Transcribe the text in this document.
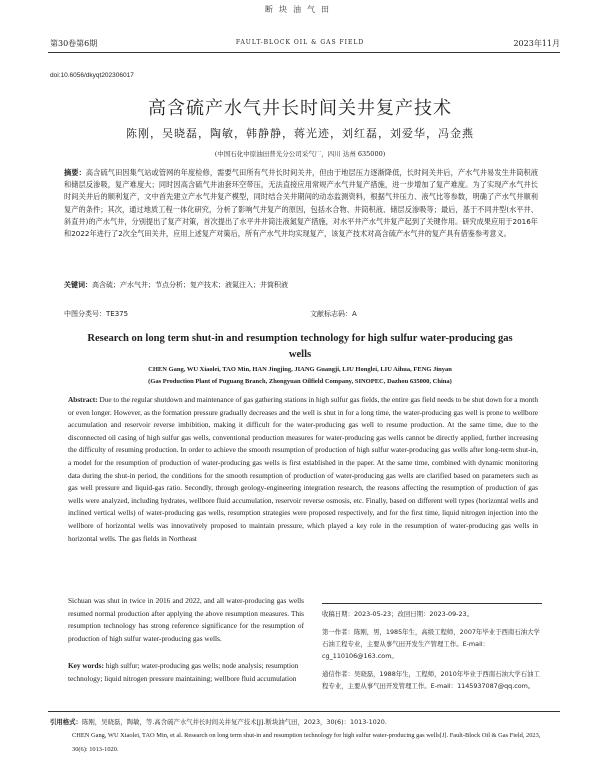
断块油气田
第30卷第6期	FAULT-BLOCK OIL & GAS FIELD	2023年11月
doi:10.6056/dkyqt202306017
高含硫产水气井长时间关井复产技术
陈刚，吴晓磊，陶敏，韩静静，蒋光迹，刘红磊，刘爱华，冯金燕
(中国石化中原油田普光分公司采气厂，四川 达州 635000)
摘要：高含硫气田因集气站或管网的年度检修，需要气田所有气井长时间关井，但由于地层压力逐渐降低，长时间关井后，产水气井易发生井筒积液和储层反渗吸，复产难度大；同时因高含硫气井油套环空带压，无法直接应用常规产水气井复产措施，进一步增加了复产难度。为了实现产水气井长时间关井后的顺利复产，文中首先建立产水气井复产模型，同时结合关井期间的动态监测资料，根据气井压力、液气比等参数，明确了产水气井顺利复产的条件；其次，通过地质工程一体化研究，分析了影响气井复产的原因，包括水合物、井筒积液、储层反渗吸等；最后，基于不同井型(水平井、斜直井)的产水气井，分别提出了复产对策，首次提出了水平井井筒注液氮复产措施，对水平井产水气井复产起到了关键作用。研究成果应用于2016年和2022年进行了2次全气田关井，应用上述复产对策后，所有产水气井均实现复产，该复产技术对高含硫产水气井的复产具有借鉴参考意义。
关键词：高含硫；产水气井；节点分析；复产技术；液氮注入；井筒积液
中图分类号：TE375	文献标志码：A
Research on long term shut-in and resumption technology for high sulfur water-producing gas wells
CHEN Gang, WU Xiaolei, TAO Min, HAN Jingjing, JIANG Guangji, LIU Honglei, LIU Aihua, FENG Jinyan
(Gas Production Plant of Puguang Branch, Zhongyuan Oilfield Company, SINOPEC, Dazhou 635000, China)
Abstract: Due to the regular shutdown and maintenance of gas gathering stations in high sulfur gas fields, the entire gas field needs to be shut down for a month or even longer. However, as the formation pressure gradually decreases and the well is shut in for a long time, the water-producing gas well is prone to wellbore accumulation and reservoir reverse imbibition, making it difficult for the water-producing gas well to resume production. At the same time, due to the disconnected oil casing of high sulfur gas wells, conventional production measures for water-producing gas wells cannot be directly applied, further increasing the difficulty of resuming production. In order to achieve the smooth resumption of production of high sulfur water-producing gas wells after long-term shut-in, a model for the resumption of production of water-producing gas wells is first established in the paper. At the same time, combined with dynamic monitoring data during the shut-in period, the conditions for the smooth resumption of production of water-producing gas wells are clarified based on parameters such as gas well pressure and liquid-gas ratio. Secondly, through geology-engineering integration research, the reasons affecting the resumption of production of gas wells were analyzed, including hydrates, wellbore fluid accumulation, reservoir reverse osmosis, etc. Finally, based on different well types (horizontal wells and inclined vertical wells) of water-producing gas wells, resumption strategies were proposed respectively, and for the first time, liquid nitrogen injection into the wellbore of horizontal wells was innovatively proposed to maintain pressure, which played a key role in the resumption of water-producing gas wells in horizontal wells. The gas fields in Northeast
Sichuan was shut in twice in 2016 and 2022, and all water-producing gas wells resumed normal production after applying the above resumption measures. This resumption technology has strong reference significance for the resumption of production of high sulfur water-producing gas wells.
Key words: high sulfur; water-producing gas wells; node analysis; resumption technology; liquid nitrogen pressure maintaining; wellbore fluid accumulation

收稿日期：2023-05-23；改回日期：2023-09-23。

第一作者：陈刚，男，1985年生，高级工程师，2007年毕业于西南石油大学石油工程专业，主要从事气田开发生产管理工作。E-mail：cg_110106@163.com。

通信作者：吴晓磊，1988年生，工程师，2010年毕业于西南石油大学石油工程专业，主要从事气田开发管理工作。E-mail：1145937087@qq.com。

引用格式：陈刚，吴晓磊，陶敏，等.高含硫产水气井长时间关井复产技术[J].断块油气田，2023，30(6)：1013-1020.
CHEN Gang, WU Xiaolei, TAO Min, et al. Research on long term shut-in and resumption technology for high sulfur water-producing gas wells[J]. Fault-Block Oil & Gas Field, 2023, 30(6): 1013-1020.
